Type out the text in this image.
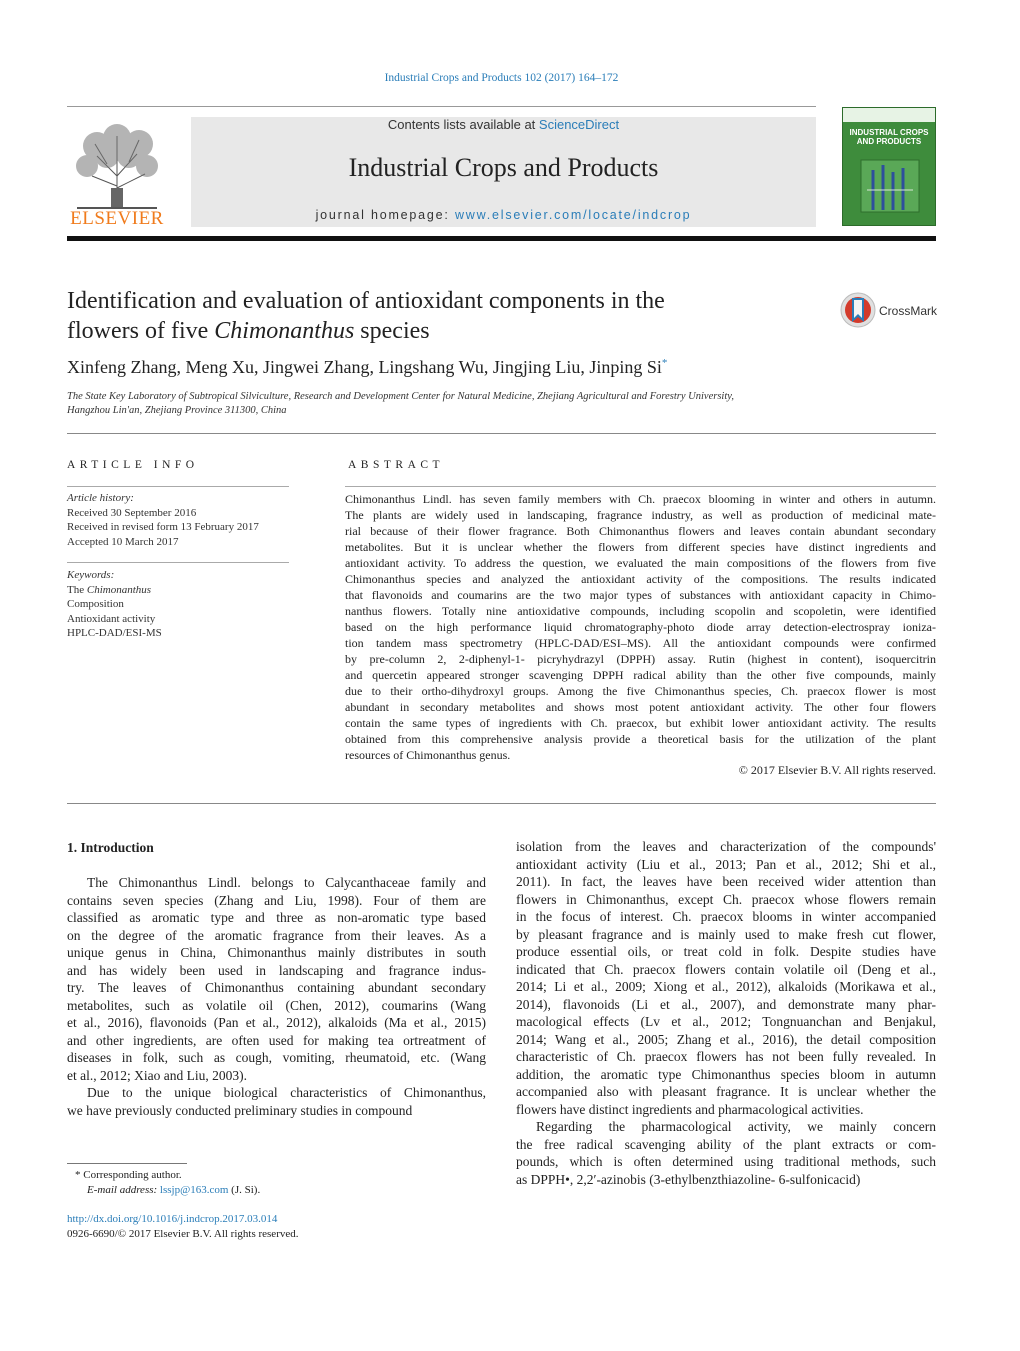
Industrial Crops and Products 102 (2017) 164–172
ELSEVIER
Contents lists available at ScienceDirect
Industrial Crops and Products
journal homepage: www.elsevier.com/locate/indcrop
INDUSTRIAL CROPS AND PRODUCTS
Identification and evaluation of antioxidant components in the
flowers of five Chimonanthus species
CrossMark
Xinfeng Zhang, Meng Xu, Jingwei Zhang, Lingshang Wu, Jingjing Liu, Jinping Si*
The State Key Laboratory of Subtropical Silviculture, Research and Development Center for Natural Medicine, Zhejiang Agricultural and Forestry University,
Hangzhou Lin'an, Zhejiang Province 311300, China
ARTICLE INFO
Article history:
Received 30 September 2016
Received in revised form 13 February 2017
Accepted 10 March 2017
Keywords:
The Chimonanthus
Composition
Antioxidant activity
HPLC-DAD/ESI-MS
ABSTRACT
Chimonanthus Lindl. has seven family members with Ch. praecox blooming in winter and others in autumn.
The plants are widely used in landscaping, fragrance industry, as well as production of medicinal mate-
rial because of their flower fragrance. Both Chimonanthus flowers and leaves contain abundant secondary
metabolites. But it is unclear whether the flowers from different species have distinct ingredients and
antioxidant activity. To address the question, we evaluated the main compositions of the flowers from five
Chimonanthus species and analyzed the antioxidant activity of the compositions. The results indicated
that flavonoids and coumarins are the two major types of substances with antioxidant capacity in Chimo-
nanthus flowers. Totally nine antioxidative compounds, including scopolin and scopoletin, were identified
based on the high performance liquid chromatography-photo diode array detection-electrospray ioniza-
tion tandem mass spectrometry (HPLC-DAD/ESI–MS). All the antioxidant compounds were confirmed
by pre-column 2, 2-diphenyl-1- picryhydrazyl (DPPH) assay. Rutin (highest in content), isoquercitrin
and quercetin appeared stronger scavenging DPPH radical ability than the other five compounds, mainly
due to their ortho-dihydroxyl groups. Among the five Chimonanthus species, Ch. praecox flower is most
abundant in secondary metabolites and shows most potent antioxidant activity. The other four flowers
contain the same types of ingredients with Ch. praecox, but exhibit lower antioxidant activity. The results
obtained from this comprehensive analysis provide a theoretical basis for the utilization of the plant
resources of Chimonanthus genus.
© 2017 Elsevier B.V. All rights reserved.
1. Introduction
The Chimonanthus Lindl. belongs to Calycanthaceae family and
contains seven species (Zhang and Liu, 1998). Four of them are
classified as aromatic type and three as non-aromatic type based
on the degree of the aromatic fragrance from their leaves. As a
unique genus in China, Chimonanthus mainly distributes in south
and has widely been used in landscaping and fragrance indus-
try. The leaves of Chimonanthus containing abundant secondary
metabolites, such as volatile oil (Chen, 2012), coumarins (Wang
et al., 2016), flavonoids (Pan et al., 2012), alkaloids (Ma et al., 2015)
and other ingredients, are often used for making tea ortreatment of
diseases in folk, such as cough, vomiting, rheumatoid, etc. (Wang
et al., 2012; Xiao and Liu, 2003).
Due to the unique biological characteristics of Chimonanthus,
we have previously conducted preliminary studies in compound
isolation from the leaves and characterization of the compounds'
antioxidant activity (Liu et al., 2013; Pan et al., 2012; Shi et al.,
2011). In fact, the leaves have been received wider attention than
flowers in Chimonanthus, except Ch. praecox whose flowers remain
in the focus of interest. Ch. praecox blooms in winter accompanied
by pleasant fragrance and is mainly used to make fresh cut flower,
produce essential oils, or treat cold in folk. Despite studies have
indicated that Ch. praecox flowers contain volatile oil (Deng et al.,
2014; Li et al., 2009; Xiong et al., 2012), alkaloids (Morikawa et al.,
2014), flavonoids (Li et al., 2007), and demonstrate many phar-
macological effects (Lv et al., 2012; Tongnuanchan and Benjakul,
2014; Wang et al., 2005; Zhang et al., 2016), the detail composition
characteristic of Ch. praecox flowers has not been fully revealed. In
addition, the aromatic type Chimonanthus species bloom in autumn
accompanied also with pleasant fragrance. It is unclear whether the
flowers have distinct ingredients and pharmacological activities.
Regarding the pharmacological activity, we mainly concern
the free radical scavenging ability of the plant extracts or com-
pounds, which is often determined using traditional methods, such
as DPPH•, 2,2′-azinobis (3-ethylbenzthiazoline- 6-sulfonicacid)
* Corresponding author.
E-mail address: lssjp@163.com (J. Si).
http://dx.doi.org/10.1016/j.indcrop.2017.03.014
0926-6690/© 2017 Elsevier B.V. All rights reserved.
